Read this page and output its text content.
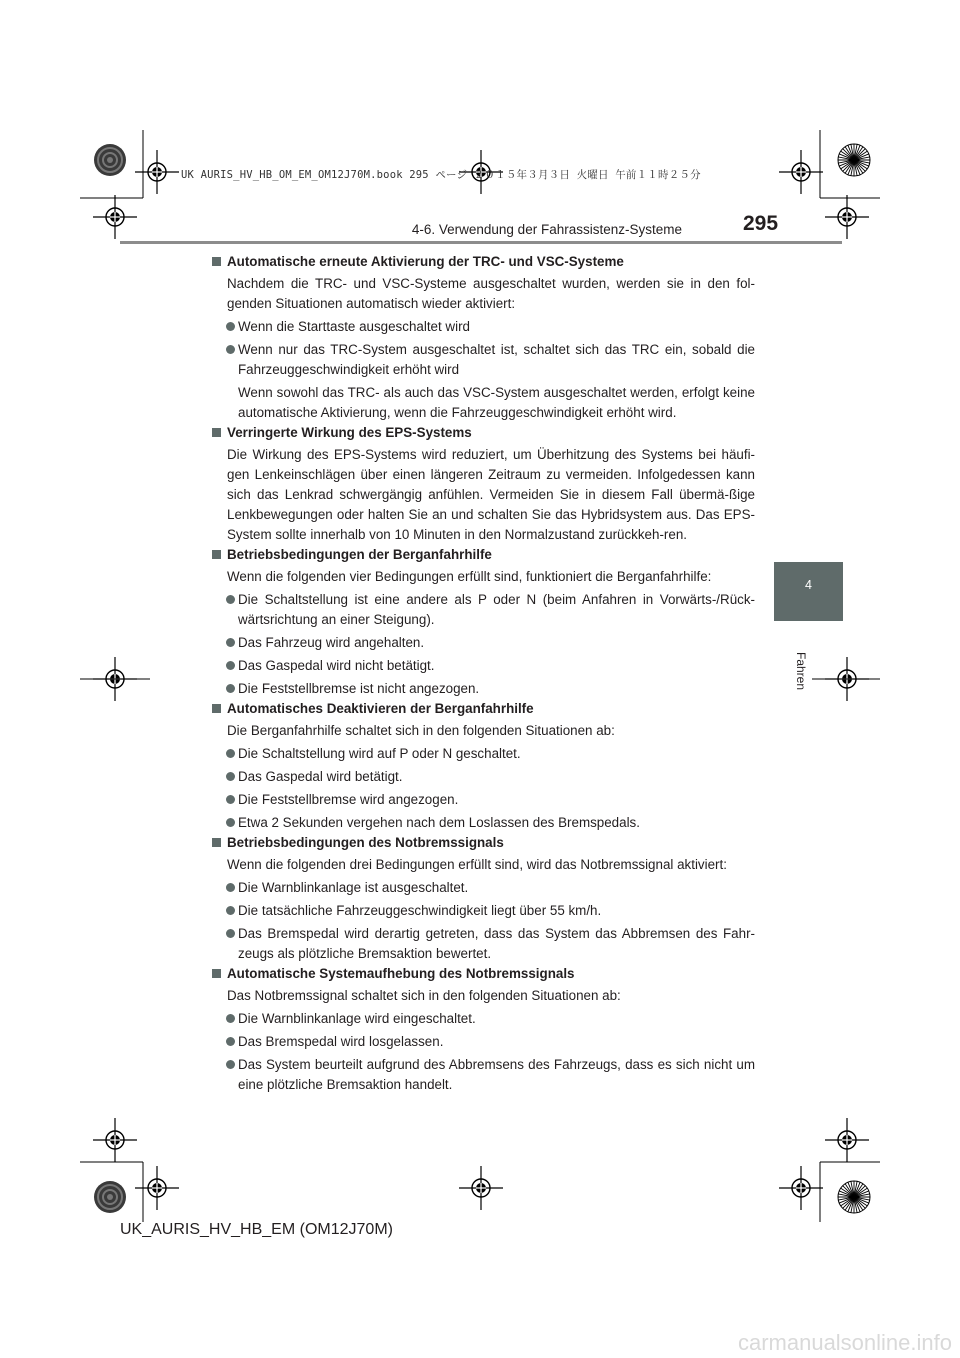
UK AURIS_HV_HB_OM_EM_OM12J70M.book 295 ページ ２０１５年３月３日 火曜日 午前１１時２５分
4-6. Verwendung der Fahrassistenz-Systeme	295
4
Fahren
Automatische erneute Aktivierung der TRC- und VSC-Systeme
Nachdem die TRC- und VSC-Systeme ausgeschaltet wurden, werden sie in den fol-genden Situationen automatisch wieder aktiviert:
Wenn die Starttaste ausgeschaltet wird
Wenn nur das TRC-System ausgeschaltet ist, schaltet sich das TRC ein, sobald die Fahrzeuggeschwindigkeit erhöht wird
Wenn sowohl das TRC- als auch das VSC-System ausgeschaltet werden, erfolgt keine automatische Aktivierung, wenn die Fahrzeuggeschwindigkeit erhöht wird.
Verringerte Wirkung des EPS-Systems
Die Wirkung des EPS-Systems wird reduziert, um Überhitzung des Systems bei häufi-gen Lenkeinschlägen über einen längeren Zeitraum zu vermeiden. Infolgedessen kann sich das Lenkrad schwergängig anfühlen. Vermeiden Sie in diesem Fall übermä-ßige Lenkbewegungen oder halten Sie an und schalten Sie das Hybridsystem aus. Das EPS-System sollte innerhalb von 10 Minuten in den Normalzustand zurückkeh-ren.
Betriebsbedingungen der Berganfahrhilfe
Wenn die folgenden vier Bedingungen erfüllt sind, funktioniert die Berganfahrhilfe:
Die Schaltstellung ist eine andere als P oder N (beim Anfahren in Vorwärts-/Rück-wärtsrichtung an einer Steigung).
Das Fahrzeug wird angehalten.
Das Gaspedal wird nicht betätigt.
Die Feststellbremse ist nicht angezogen.
Automatisches Deaktivieren der Berganfahrhilfe
Die Berganfahrhilfe schaltet sich in den folgenden Situationen ab:
Die Schaltstellung wird auf P oder N geschaltet.
Das Gaspedal wird betätigt.
Die Feststellbremse wird angezogen.
Etwa 2 Sekunden vergehen nach dem Loslassen des Bremspedals.
Betriebsbedingungen des Notbremssignals
Wenn die folgenden drei Bedingungen erfüllt sind, wird das Notbremssignal aktiviert:
Die Warnblinkanlage ist ausgeschaltet.
Die tatsächliche Fahrzeuggeschwindigkeit liegt über 55 km/h.
Das Bremspedal wird derartig getreten, dass das System das Abbremsen des Fahr-zeugs als plötzliche Bremsaktion bewertet.
Automatische Systemaufhebung des Notbremssignals
Das Notbremssignal schaltet sich in den folgenden Situationen ab:
Die Warnblinkanlage wird eingeschaltet.
Das Bremspedal wird losgelassen.
Das System beurteilt aufgrund des Abbremsens des Fahrzeugs, dass es sich nicht um eine plötzliche Bremsaktion handelt.
UK_AURIS_HV_HB_EM (OM12J70M)
carmanualsonline.info
